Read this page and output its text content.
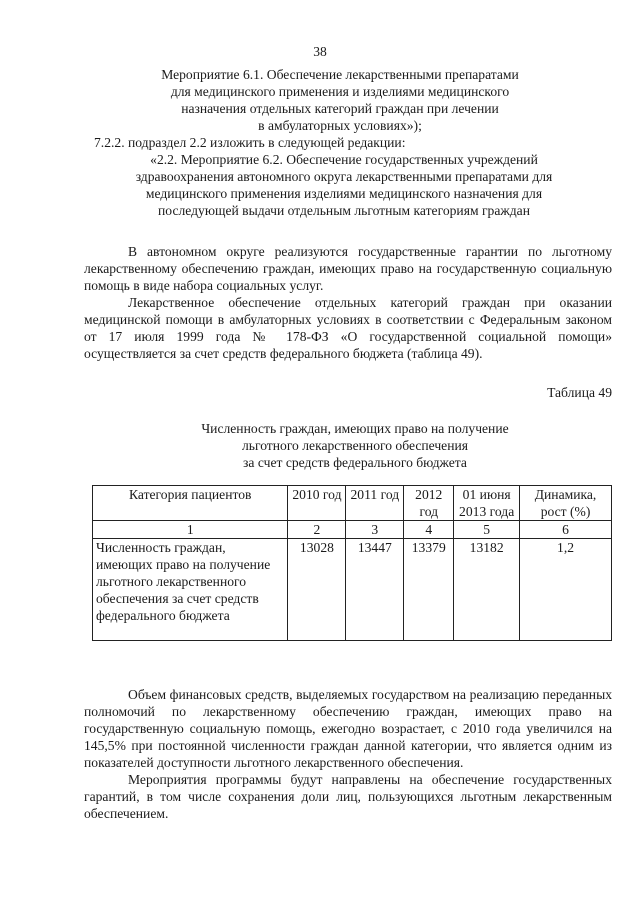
38
Мероприятие 6.1. Обеспечение лекарственными препаратами
для медицинского применения и изделиями медицинского
назначения отдельных категорий граждан при лечении
в амбулаторных условиях»);
7.2.2. подраздел 2.2 изложить в следующей редакции:
«2.2. Мероприятие 6.2. Обеспечение государственных учреждений
здравоохранения автономного округа лекарственными препаратами для
медицинского применения изделиями медицинского назначения для
последующей выдачи отдельным льготным категориям граждан

В автономном округе реализуются государственные гарантии по льготному лекарственному обеспечению граждан, имеющих право на государственную социальную помощь в виде набора социальных услуг.

Лекарственное обеспечение отдельных категорий граждан при оказании медицинской помощи в амбулаторных условиях в соответствии с Федеральным законом от 17 июля 1999 года № 178-ФЗ «О государственной социальной помощи» осуществляется за счет средств федерального бюджета (таблица 49).

Таблица 49
Численность граждан, имеющих право на получение
льготного лекарственного обеспечения
за счет средств федерального бюджета
Категория пациентов	2010 год	2011 год	2012 год	01 июня 2013 года	Динамика, рост (%)
1	2	3	4	5	6
Численность граждан, имеющих право на получение льготного лекарственного обеспечения за счет средств федерального бюджета	13028	13447	13379	13182	1,2

Объем финансовых средств, выделяемых государством на реализацию переданных полномочий по лекарственному обеспечению граждан, имеющих право на государственную социальную помощь, ежегодно возрастает, с 2010 года увеличился на 145,5% при постоянной численности граждан данной категории, что является одним из показателей доступности льготного лекарственного обеспечения.

Мероприятия программы будут направлены на обеспечение государственных гарантий, в том числе сохранения доли лиц, пользующихся льготным лекарственным обеспечением.
